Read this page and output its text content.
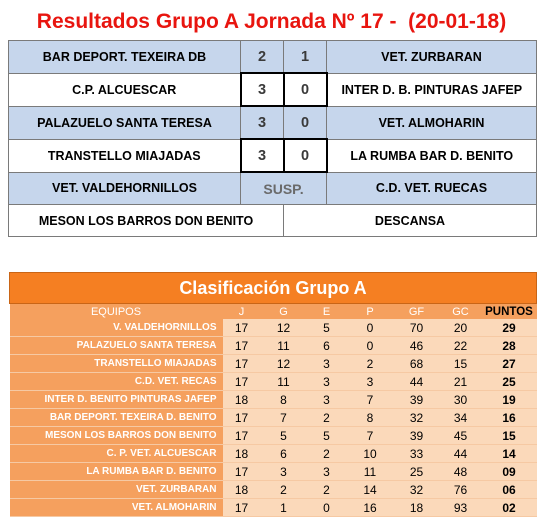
Resultados Grupo A Jornada Nº 17 -  (20-01-18)
BAR DEPORT. TEXEIRA DB	2	1	VET. ZURBARAN
C.P. ALCUESCAR	3	0	INTER D. B. PINTURAS JAFEP
PALAZUELO SANTA TERESA	3	0	VET. ALMOHARIN
TRANSTELLO MIAJADAS	3	0	LA RUMBA BAR D. BENITO
VET. VALDEHORNILLOS	SUSP.		C.D. VET. RUECAS
MESON LOS BARROS DON BENITO		DESCANSA	
Clasificación Grupo A							
EQUIPOS	J	G	E	P	GF	GC	PUNTOS
V. VALDEHORNILLOS	17	12	5	0	70	20	29
PALAZUELO SANTA TERESA	17	11	6	0	46	22	28
TRANSTELLO MIAJADAS	17	12	3	2	68	15	27
C.D. VET. RECAS	17	11	3	3	44	21	25
INTER D. BENITO PINTURAS JAFEP	18	8	3	7	39	30	19
BAR DEPORT. TEXEIRA D. BENITO	17	7	2	8	32	34	16
MESON LOS BARROS DON BENITO	17	5	5	7	39	45	15
C. P. VET. ALCUESCAR	18	6	2	10	33	44	14
LA RUMBA BAR D. BENITO	17	3	3	11	25	48	09
VET. ZURBARAN	18	2	2	14	32	76	06
VET. ALMOHARIN	17	1	0	16	18	93	02
